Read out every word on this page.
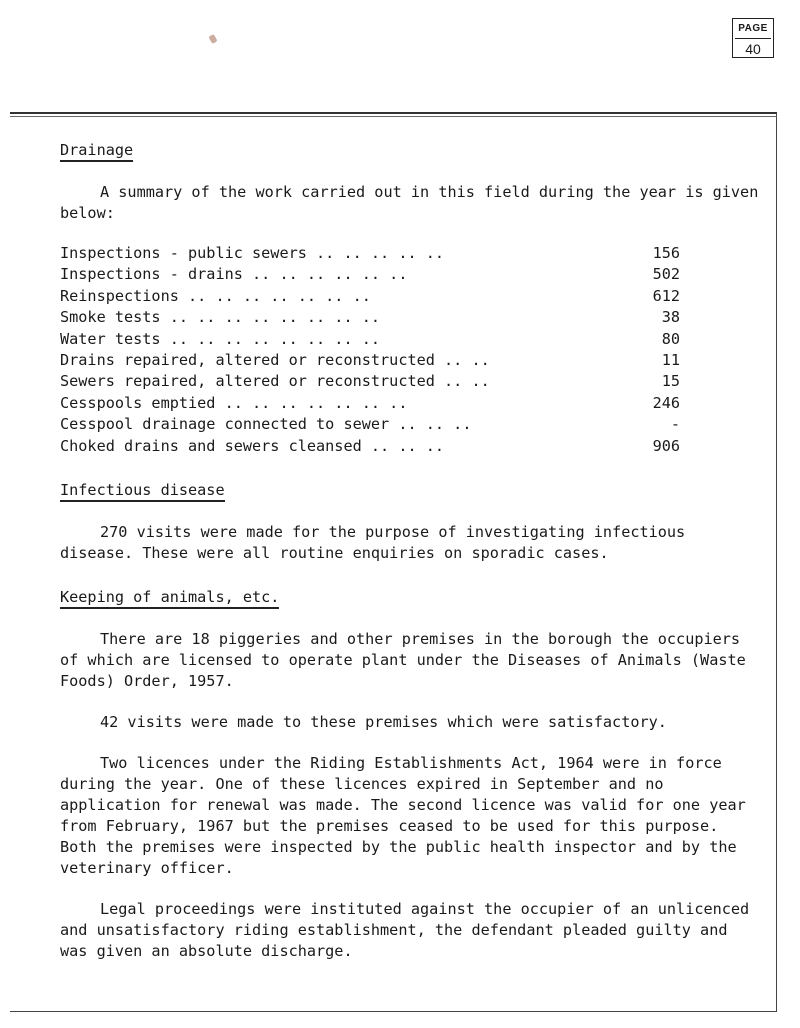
PAGE
40
Drainage

A summary of the work carried out in this field during the year is given below:

Inspections - public sewers .. .. .. .. ..	156
Inspections - drains .. .. .. .. .. ..	502
Reinspections .. .. .. .. .. .. ..	612
Smoke tests .. .. .. .. .. .. .. ..	38
Water tests .. .. .. .. .. .. .. ..	80
Drains repaired, altered or reconstructed .. ..	11
Sewers repaired, altered or reconstructed .. ..	15
Cesspools emptied .. .. .. .. .. .. ..	246
Cesspool drainage connected to sewer .. .. ..	-
Choked drains and sewers cleansed .. .. ..	906
Infectious disease

270 visits were made for the purpose of investigating infectious disease. These were all routine enquiries on sporadic cases.

Keeping of animals, etc.

There are 18 piggeries and other premises in the borough the occupiers of which are licensed to operate plant under the Diseases of Animals (Waste Foods) Order, 1957.

42 visits were made to these premises which were satisfactory.

Two licences under the Riding Establishments Act, 1964 were in force during the year. One of these licences expired in September and no application for renewal was made. The second licence was valid for one year from February, 1967 but the premises ceased to be used for this purpose. Both the premises were inspected by the public health inspector and by the veterinary officer.

Legal proceedings were instituted against the occupier of an unlicenced and unsatisfactory riding establishment, the defendant pleaded guilty and was given an absolute discharge.
